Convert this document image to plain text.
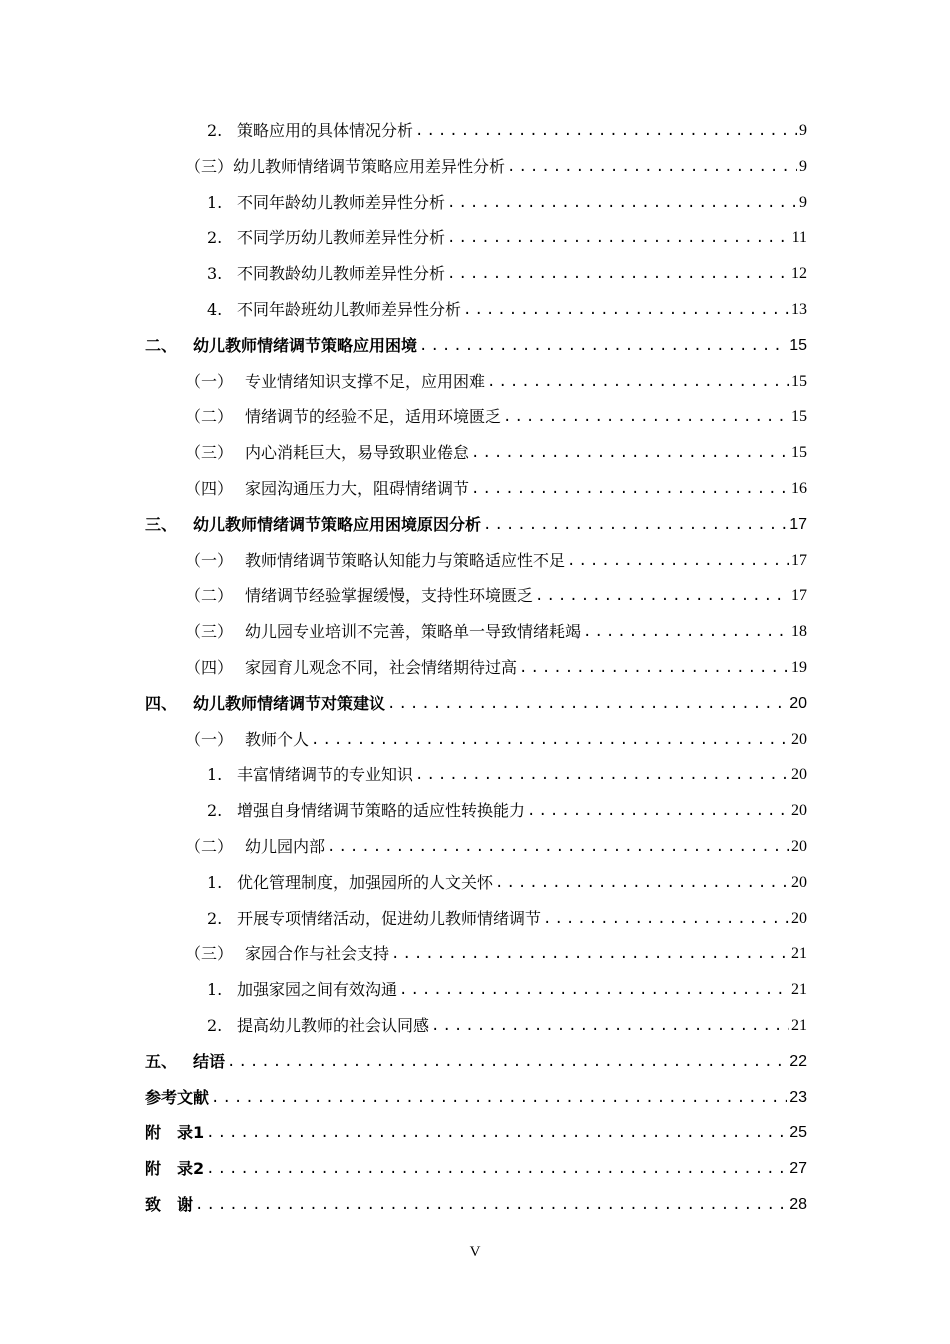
2. 策略应用的具体情况分析 .....	9
（三） 幼儿教师情绪调节策略应用差异性分析 .....	9
1. 不同年龄幼儿教师差异性分析 .....	9
2. 不同学历幼儿教师差异性分析 .....	11
3. 不同教龄幼儿教师差异性分析 .....	12
4. 不同年龄班幼儿教师差异性分析 .....	13
二、 幼儿教师情绪调节策略应用困境 .....	15
（一） 专业情绪知识支撑不足，应用困难 .....	15
（二） 情绪调节的经验不足，适用环境匮乏 .....	15
（三） 内心消耗巨大，易导致职业倦怠 .....	15
（四） 家园沟通压力大，阻碍情绪调节 .....	16
三、 幼儿教师情绪调节策略应用困境原因分析 .....	17
（一） 教师情绪调节策略认知能力与策略适应性不足 .....	17
（二） 情绪调节经验掌握缓慢，支持性环境匮乏 .....	17
（三） 幼儿园专业培训不完善，策略单一导致情绪耗竭 .....	18
（四） 家园育儿观念不同，社会情绪期待过高 .....	19
四、 幼儿教师情绪调节对策建议 .....	20
（一） 教师个人 .....	20
1. 丰富情绪调节的专业知识 .....	20
2. 增强自身情绪调节策略的适应性转换能力 .....	20
（二） 幼儿园内部 .....	20
1. 优化管理制度，加强园所的人文关怀 .....	20
2. 开展专项情绪活动，促进幼儿教师情绪调节 .....	20
（三） 家园合作与社会支持 .....	21
1. 加强家园之间有效沟通 .....	21
2. 提高幼儿教师的社会认同感 .....	21
五、 结语 .....	22
参考文献 .....	23
附　录1 .....	25
附　录2 .....	27
致　谢 .....	28
V
